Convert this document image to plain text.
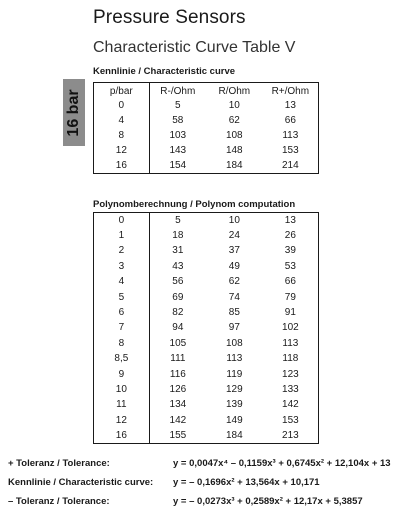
Pressure Sensors
Characteristic Curve Table V
16 bar
Kennlinie / Characteristic curve
p/bar	R-/Ohm	R/Ohm	R+/Ohm
0	5	10	13
4	58	62	66
8	103	108	113
12	143	148	153
16	154	184	214
Polynomberechnung / Polynom computation
0	5	10	13
1	18	24	26
2	31	37	39
3	43	49	53
4	56	62	66
5	69	74	79
6	82	85	91
7	94	97	102
8	105	108	113
8,5	111	113	118
9	116	119	123
10	126	129	133
11	134	139	142
12	142	149	153
16	155	184	213
+ Toleranz / Tolerance:	y = 0,0047x⁴ – 0,1159x³ + 0,6745x² + 12,104x + 13
Kennlinie / Characteristic curve: y = – 0,1696x² + 13,564x + 10,171
– Toleranz / Tolerance:	y = – 0,0273x³ + 0,2589x² + 12,17x + 5,3857
